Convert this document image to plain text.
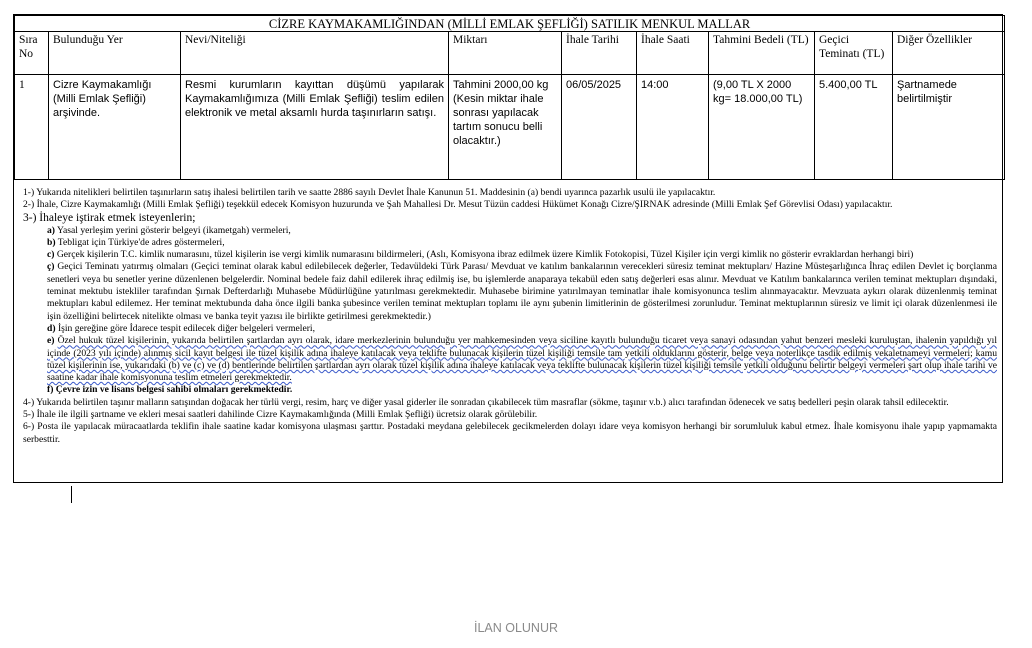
CİZRE KAYMAKAMLIĞINDAN (MİLLİ EMLAK ŞEFLİĞİ) SATILIK MENKUL MALLAR								
Sıra No	Bulunduğu Yer	Nevi/Niteliği	Miktarı	İhale Tarihi	İhale Saati	Tahmini Bedeli (TL)	Geçici Teminatı (TL)	Diğer Özellikler
1	Cizre Kaymakamlığı (Milli Emlak Şefliği) arşivinde.	Resmi kurumların kayıttan düşümü yapılarak Kaymakamlığımıza (Milli Emlak Şefliği) teslim edilen elektronik ve metal aksamlı hurda taşınırların satışı.	Tahmini 2000,00 kg (Kesin miktar ihale sonrası yapılacak tartım sonucu belli olacaktır.)	06/05/2025	14:00	(9,00 TL X 2000 kg= 18.000,00 TL)	5.400,00 TL	Şartnamede belirtilmiştir

1-) Yukarıda nitelikleri belirtilen taşınırların satış ihalesi belirtilen tarih ve saatte 2886 sayılı Devlet İhale Kanunun 51. Maddesinin (a) bendi uyarınca pazarlık usulü ile yapılacaktır.

2-) İhale, Cizre Kaymakamlığı (Milli Emlak Şefliği) teşekkül edecek Komisyon huzurunda ve Şah Mahallesi Dr. Mesut Tüzün caddesi Hükümet Konağı Cizre/ŞIRNAK adresinde (Milli Emlak Şef Görevlisi Odası) yapılacaktır.

3-) İhaleye iştirak etmek isteyenlerin;

a) Yasal yerleşim yerini gösterir belgeyi (ikametgah) vermeleri,

b) Tebligat için Türkiye'de adres göstermeleri,

c) Gerçek kişilerin T.C. kimlik numarasını, tüzel kişilerin ise vergi kimlik numarasını bildirmeleri, (Aslı, Komisyona ibraz edilmek üzere Kimlik Fotokopisi, Tüzel Kişiler için vergi kimlik no gösterir evraklardan herhangi biri)

ç) Geçici Teminatı yatırmış olmaları (Geçici teminat olarak kabul edilebilecek değerler, Tedavüldeki Türk Parası/ Mevduat ve katılım bankalarının verecekleri süresiz teminat mektupları/ Hazine Müsteşarlığınca İhraç edilen Devlet iç borçlanma senetleri veya bu senetler yerine düzenlenen belgelerdir. Nominal bedele faiz dahil edilerek ihraç edilmiş ise, bu işlemlerde anaparaya tekabül eden satış değerleri esas alınır. Mevduat ve Katılım bankalarınca verilen teminat mektupları dışındaki, teminat mektubu istekliler tarafından Şırnak Defterdarlığı Muhasebe Müdürlüğüne yatırılması gerekmektedir. Muhasebe birimine yatırılmayan teminatlar ihale komisyonunca teslim alınmayacaktır. Mevzuata aykırı olarak düzenlenmiş teminat mektupları kabul edilemez. Her teminat mektubunda daha önce ilgili banka şubesince verilen teminat mektupları toplamı ile aynı şubenin limitlerinin de gösterilmesi zorunludur. Teminat mektuplarının süresiz ve limit içi olarak düzenlenmesi ile işin özelliğini belirtecek nitelikte olması ve banka teyit yazısı ile birlikte getirilmesi gerekmektedir.)

d) İşin gereğine göre İdarece tespit edilecek diğer belgeleri vermeleri,

e) Özel hukuk tüzel kişilerinin, yukarıda belirtilen şartlardan ayrı olarak, idare merkezlerinin bulunduğu yer mahkemesinden veya siciline kayıtlı bulunduğu ticaret veya sanayi odasından yahut benzeri mesleki kuruluştan, ihalenin yapıldığı yıl içinde (2023 yılı içinde) alınmış sicil kayıt belgesi ile tüzel kişilik adına ihaleye katılacak veya teklifte bulunacak kişilerin tüzel kişiliği temsile tam yetkili olduklarını gösterir, belge veya noterlikçe tasdik edilmiş vekaletnameyi vermeleri; kamu tüzel kişilerinin ise, yukarıdaki (b) ve (c) ve (d) bentlerinde belirtilen şartlardan ayrı olarak tüzel kişilik adına ihaleye katılacak veya teklifte bulunacak kişilerin tüzel kişiliği temsile yetkili olduğunu belirtir belgeyi vermeleri şart olup ihale tarihi ve saatine kadar ihale komisyonuna teslim etmeleri gerekmektedir.

f) Çevre izin ve lisans belgesi sahibi olmaları gerekmektedir.

4-) Yukarıda belirtilen taşınır malların satışından doğacak her türlü vergi, resim, harç ve diğer yasal giderler ile sonradan çıkabilecek tüm masraflar (sökme, taşınır v.b.) alıcı tarafından ödenecek ve satış bedelleri peşin olarak tahsil edilecektir.

5-) İhale ile ilgili şartname ve ekleri mesai saatleri dahilinde Cizre Kaymakamlığında (Milli Emlak Şefliği) ücretsiz olarak görülebilir.

6-) Posta ile yapılacak müracaatlarda teklifin ihale saatine kadar komisyona ulaşması şarttır. Postadaki meydana gelebilecek gecikmelerden dolayı idare veya komisyon herhangi bir sorumluluk kabul etmez. İhale komisyonu ihale yapıp yapmamakta serbesttir.

İLAN OLUNUR
